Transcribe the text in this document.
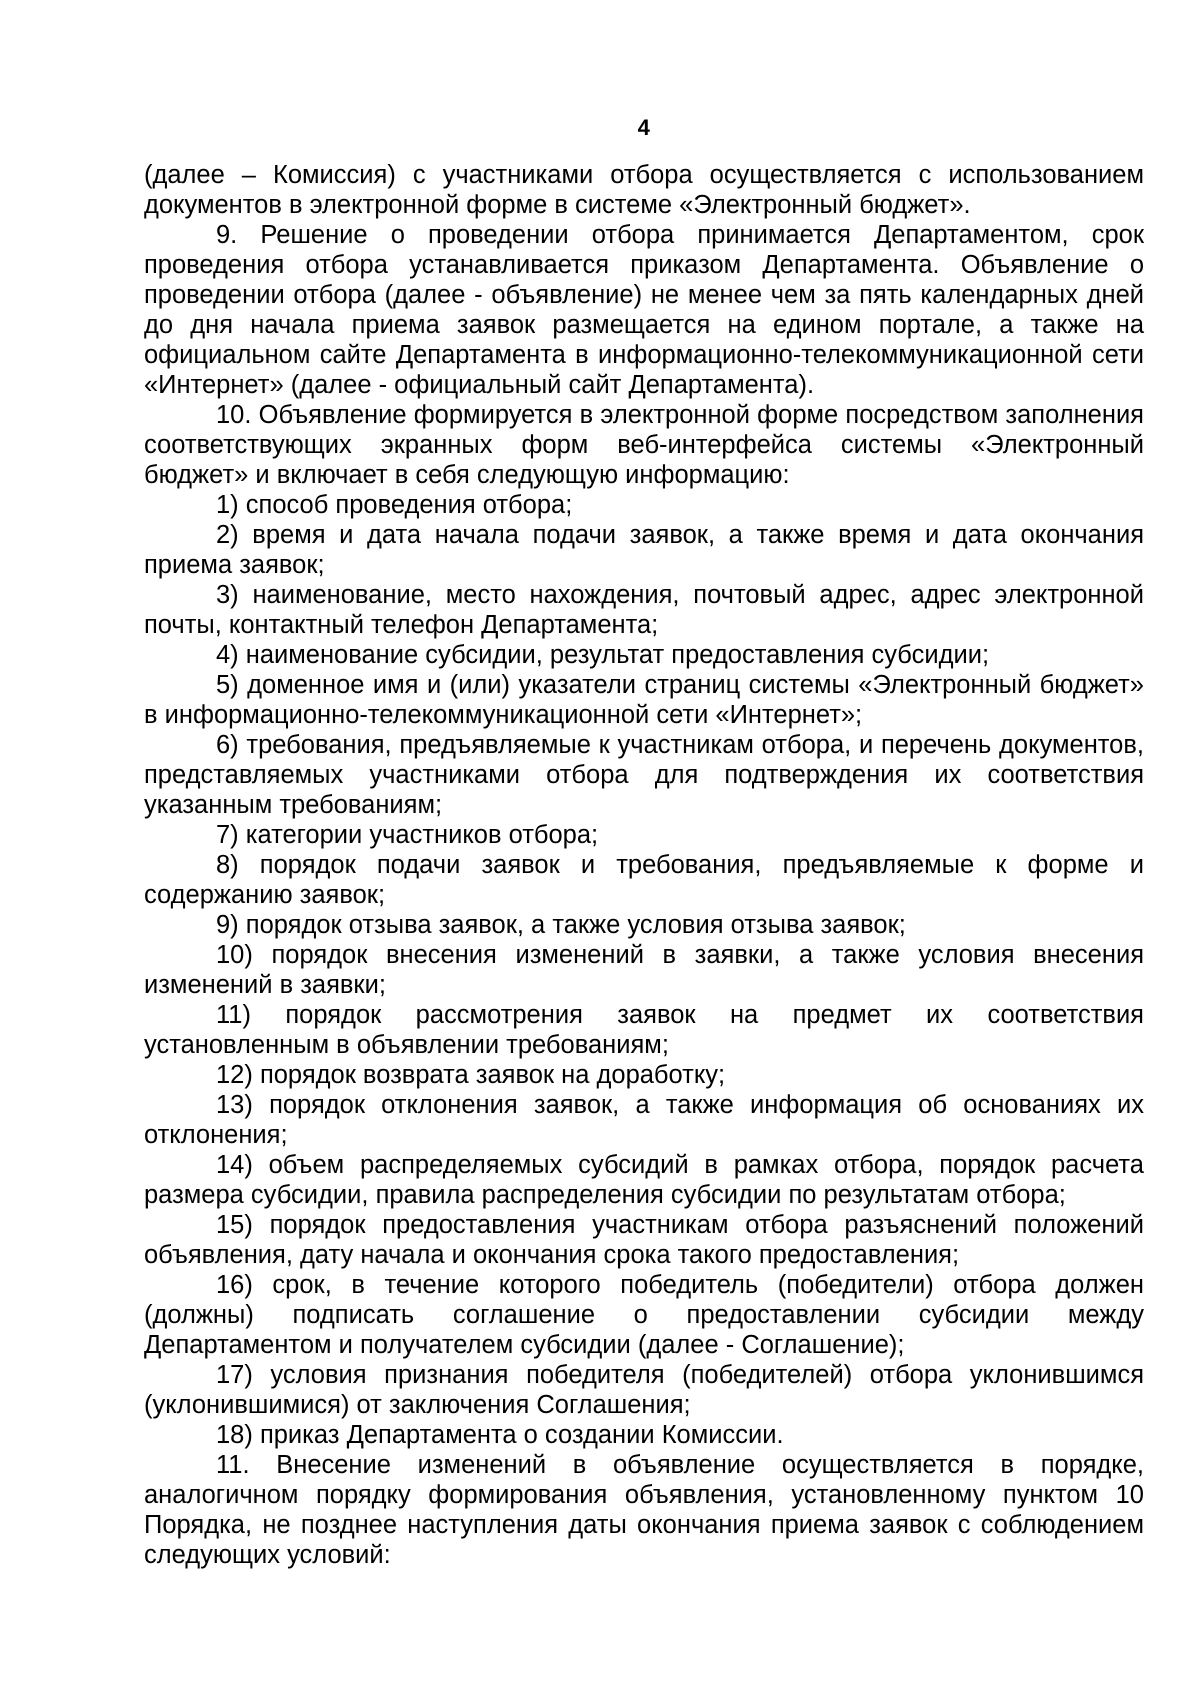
4

(далее – Комиссия) с участниками отбора осуществляется с использованием документов в электронной форме в системе «Электронный бюджет».

9. Решение о проведении отбора принимается Департаментом, срок проведения отбора устанавливается приказом Департамента. Объявление о проведении отбора (далее - объявление) не менее чем за пять календарных дней до дня начала приема заявок размещается на едином портале, а также на официальном сайте Департамента в информационно-телекоммуникационной сети «Интернет» (далее - официальный сайт Департамента).

10. Объявление формируется в электронной форме посредством заполнения соответствующих экранных форм веб-интерфейса системы «Электронный бюджет» и включает в себя следующую информацию:

1) способ проведения отбора;

2) время и дата начала подачи заявок, а также время и дата окончания приема заявок;

3) наименование, место нахождения, почтовый адрес, адрес электронной почты, контактный телефон Департамента;

4) наименование субсидии, результат предоставления субсидии;

5) доменное имя и (или) указатели страниц системы «Электронный бюджет» в информационно-телекоммуникационной сети «Интернет»;

6) требования, предъявляемые к участникам отбора, и перечень документов, представляемых участниками отбора для подтверждения их соответствия указанным требованиям;

7) категории участников отбора;

8) порядок подачи заявок и требования, предъявляемые к форме и содержанию заявок;

9) порядок отзыва заявок, а также условия отзыва заявок;

10) порядок внесения изменений в заявки, а также условия внесения изменений в заявки;

11) порядок рассмотрения заявок на предмет их соответствия установленным в объявлении требованиям;

12) порядок возврата заявок на доработку;

13) порядок отклонения заявок, а также информация об основаниях их отклонения;

14) объем распределяемых субсидий в рамках отбора, порядок расчета размера субсидии, правила распределения субсидии по результатам отбора;

15) порядок предоставления участникам отбора разъяснений положений объявления, дату начала и окончания срока такого предоставления;

16) срок, в течение которого победитель (победители) отбора должен (должны) подписать соглашение о предоставлении субсидии между Департаментом и получателем субсидии (далее - Соглашение);

17) условия признания победителя (победителей) отбора уклонившимся (уклонившимися) от заключения Соглашения;

18) приказ Департамента о создании Комиссии.

11. Внесение изменений в объявление осуществляется в порядке, аналогичном порядку формирования объявления, установленному пунктом 10 Порядка, не позднее наступления даты окончания приема заявок с соблюдением следующих условий:
